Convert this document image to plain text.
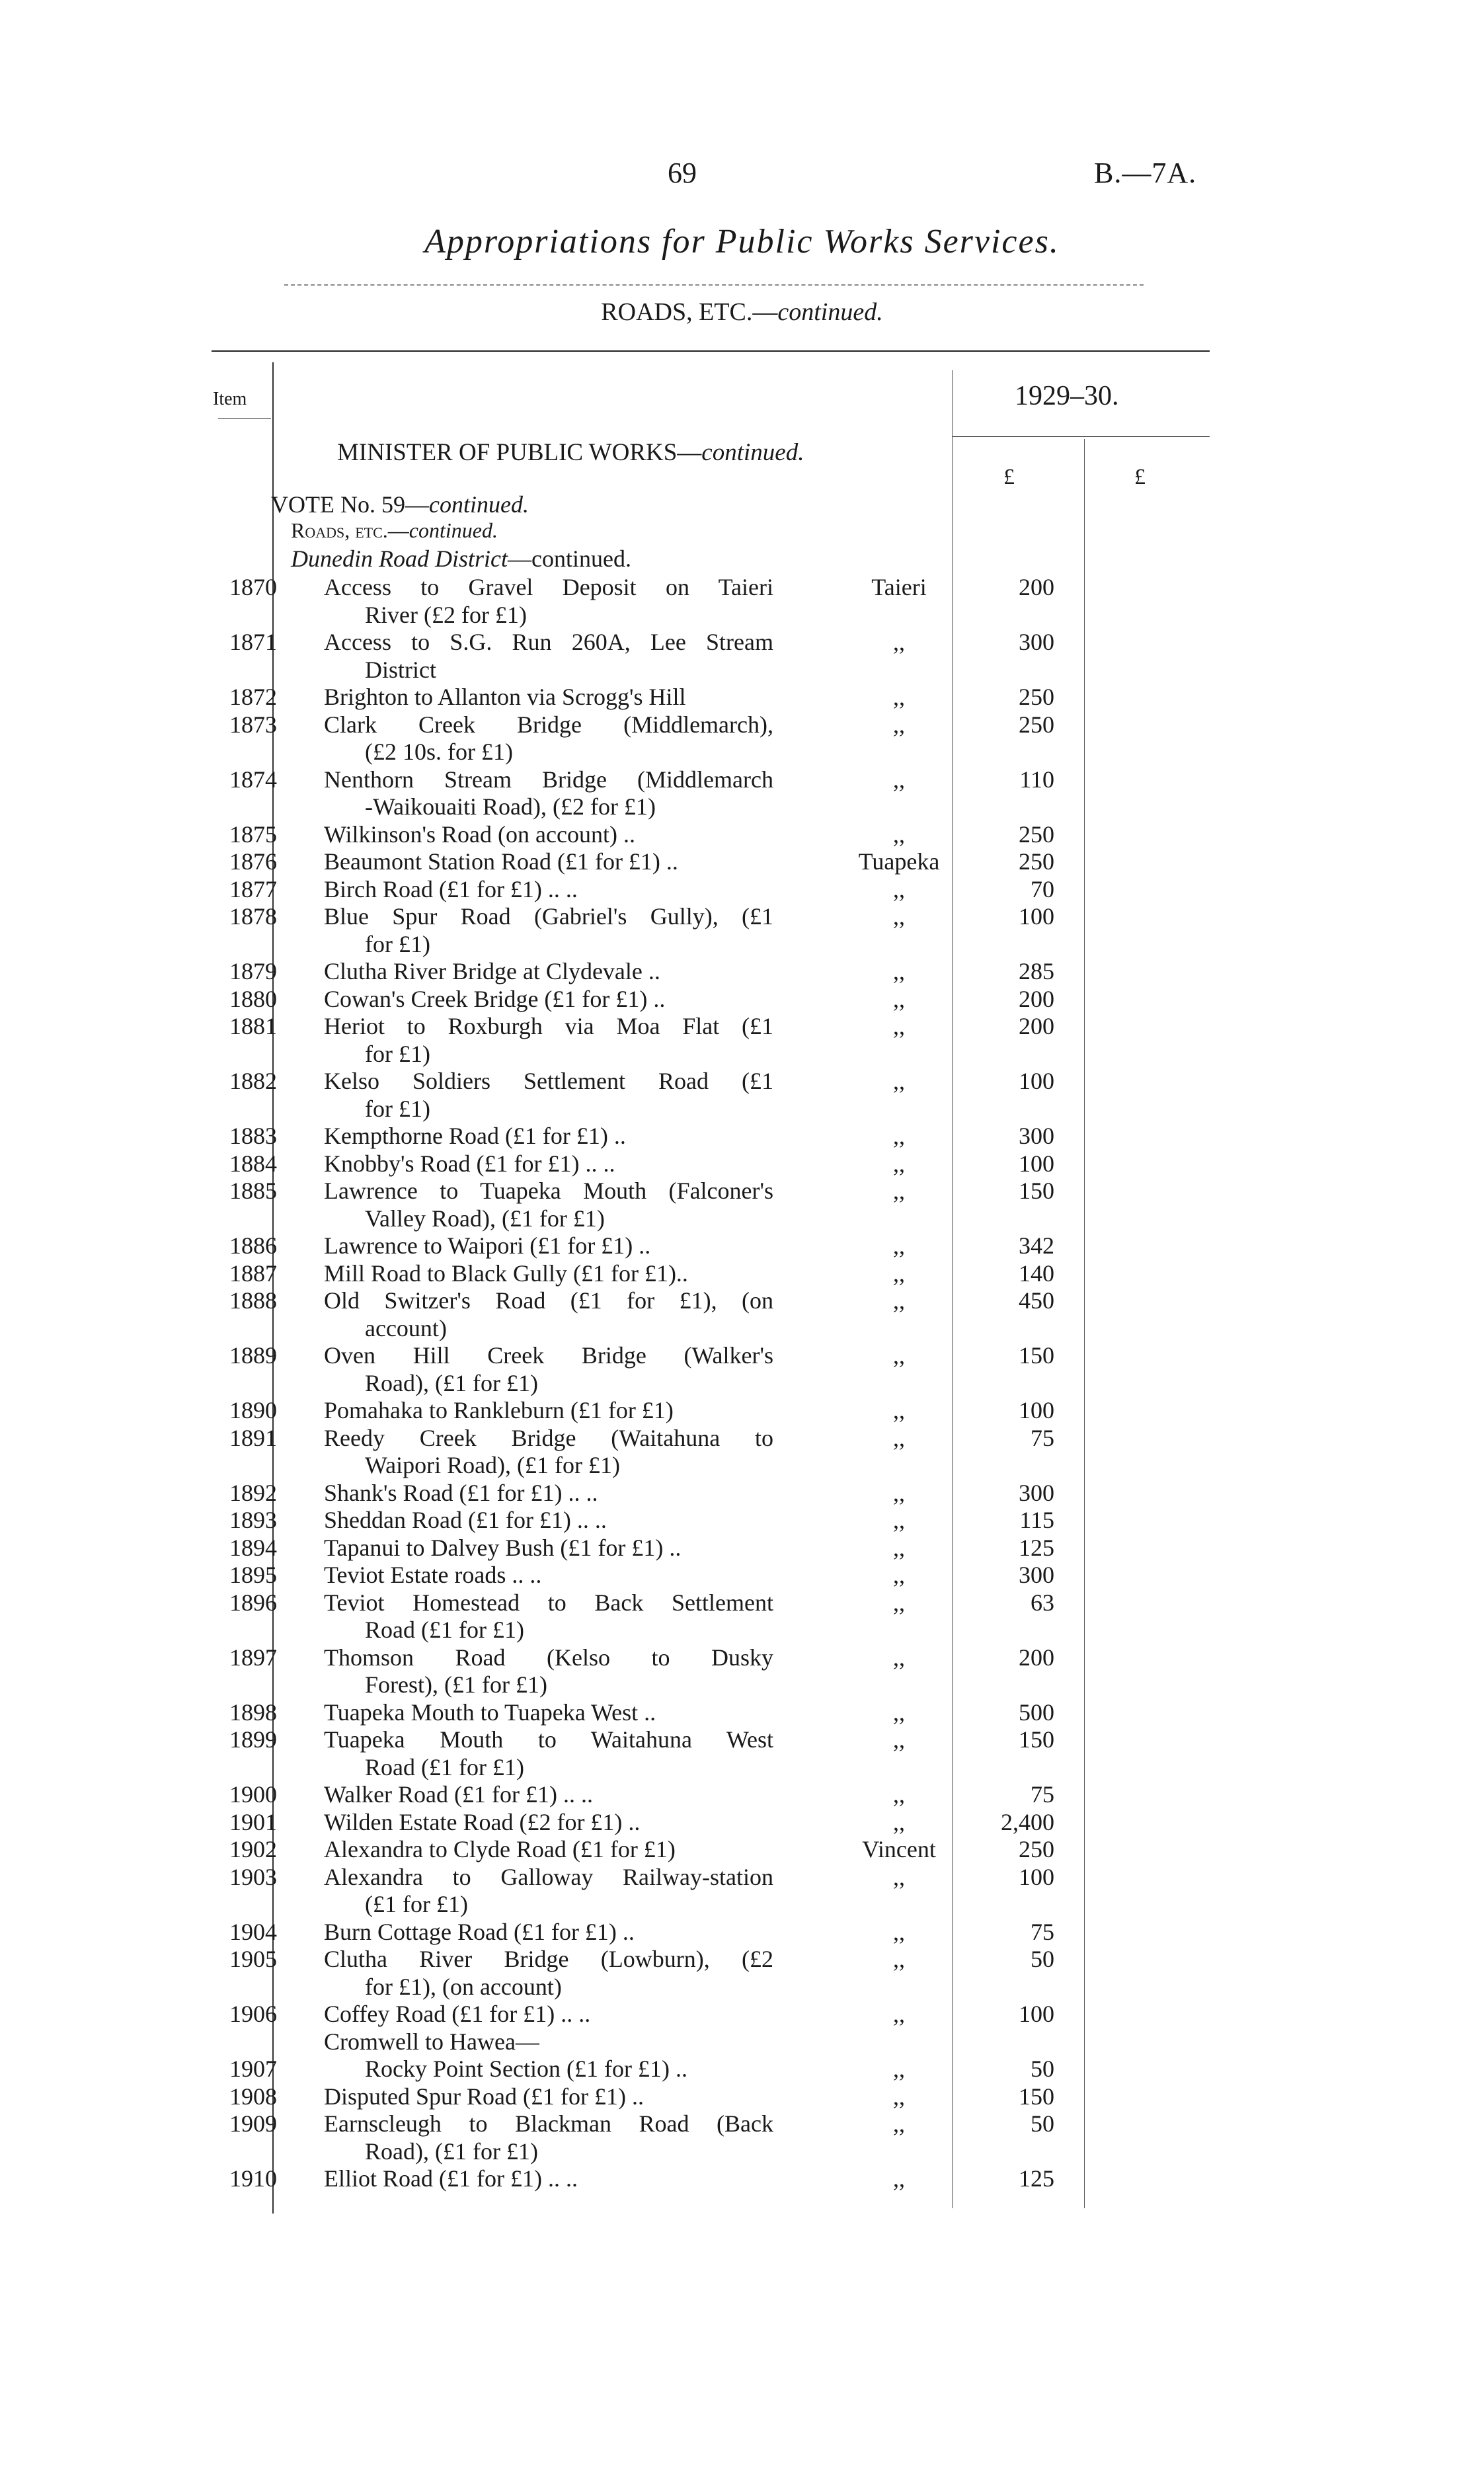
69	B.—7A.
Appropriations for Public Works Services.
ROADS, ETC.—continued.
Item	1929–30.
MINISTER OF PUBLIC WORKS—continued.
£	£
VOTE No. 59—continued.
Roads, etc.—continued.
Dunedin Road District—continued.
1870 Access to Gravel Deposit on Taieri
River (£2 for £1)
Taieri	200
1871 Access to S.G. Run 260A, Lee Stream
District
,,	300
1872 Brighton to Allanton via Scrogg's Hill	,,	250
1873 Clark Creek Bridge (Middlemarch),
(£2 10s. for £1)
,,	250
1874 Nenthorn Stream Bridge (Middlemarch
-Waikouaiti Road), (£2 for £1)
,,	110
1875 Wilkinson's Road (on account) ..	,,	250
1876 Beaumont Station Road (£1 for £1) ..	Tuapeka	250
1877 Birch Road (£1 for £1) .. ..	,,	70
1878 Blue Spur Road (Gabriel's Gully), (£1
for £1)
,,	100
1879 Clutha River Bridge at Clydevale ..	,,	285
1880 Cowan's Creek Bridge (£1 for £1) ..	,,	200
1881 Heriot to Roxburgh via Moa Flat (£1
for £1)
,,	200
1882 Kelso Soldiers Settlement Road (£1
for £1)
,,	100
1883 Kempthorne Road (£1 for £1) ..	,,	300
1884 Knobby's Road (£1 for £1) .. ..	,,	100
1885 Lawrence to Tuapeka Mouth (Falconer's
Valley Road), (£1 for £1)
,,	150
1886 Lawrence to Waipori (£1 for £1) ..	,,	342
1887 Mill Road to Black Gully (£1 for £1)..	,,	140
1888 Old Switzer's Road (£1 for £1), (on
account)
,,	450
1889 Oven Hill Creek Bridge (Walker's
Road), (£1 for £1)
,,	150
1890 Pomahaka to Rankleburn (£1 for £1)	,,	100
1891 Reedy Creek Bridge (Waitahuna to
Waipori Road), (£1 for £1)
,,	75
1892 Shank's Road (£1 for £1) .. ..	,,	300
1893 Sheddan Road (£1 for £1) .. ..	,,	115
1894 Tapanui to Dalvey Bush (£1 for £1) ..	,,	125
1895 Teviot Estate roads .. ..	,,	300
1896 Teviot Homestead to Back Settlement
Road (£1 for £1)
,,	63
1897 Thomson Road (Kelso to Dusky
Forest), (£1 for £1)
,,	200
1898 Tuapeka Mouth to Tuapeka West ..	,,	500
1899 Tuapeka Mouth to Waitahuna West
Road (£1 for £1)
,,	150
1900 Walker Road (£1 for £1) .. ..	,,	75
1901 Wilden Estate Road (£2 for £1) ..	,,	2,400
1902 Alexandra to Clyde Road (£1 for £1)	Vincent	250
1903 Alexandra to Galloway Railway-station
(£1 for £1)
,,	100
1904 Burn Cottage Road (£1 for £1) ..	,,	75
1905 Clutha River Bridge (Lowburn), (£2
for £1), (on account)
,,	50
1906 Coffey Road (£1 for £1) .. ..	,,	100
Cromwell to Hawea—
1907	Rocky Point Section (£1 for £1) ..	,,	50
1908 Disputed Spur Road (£1 for £1) ..	,,	150
1909 Earnscleugh to Blackman Road (Back
Road), (£1 for £1)
,,	50
1910 Elliot Road (£1 for £1) .. ..	,,	125
